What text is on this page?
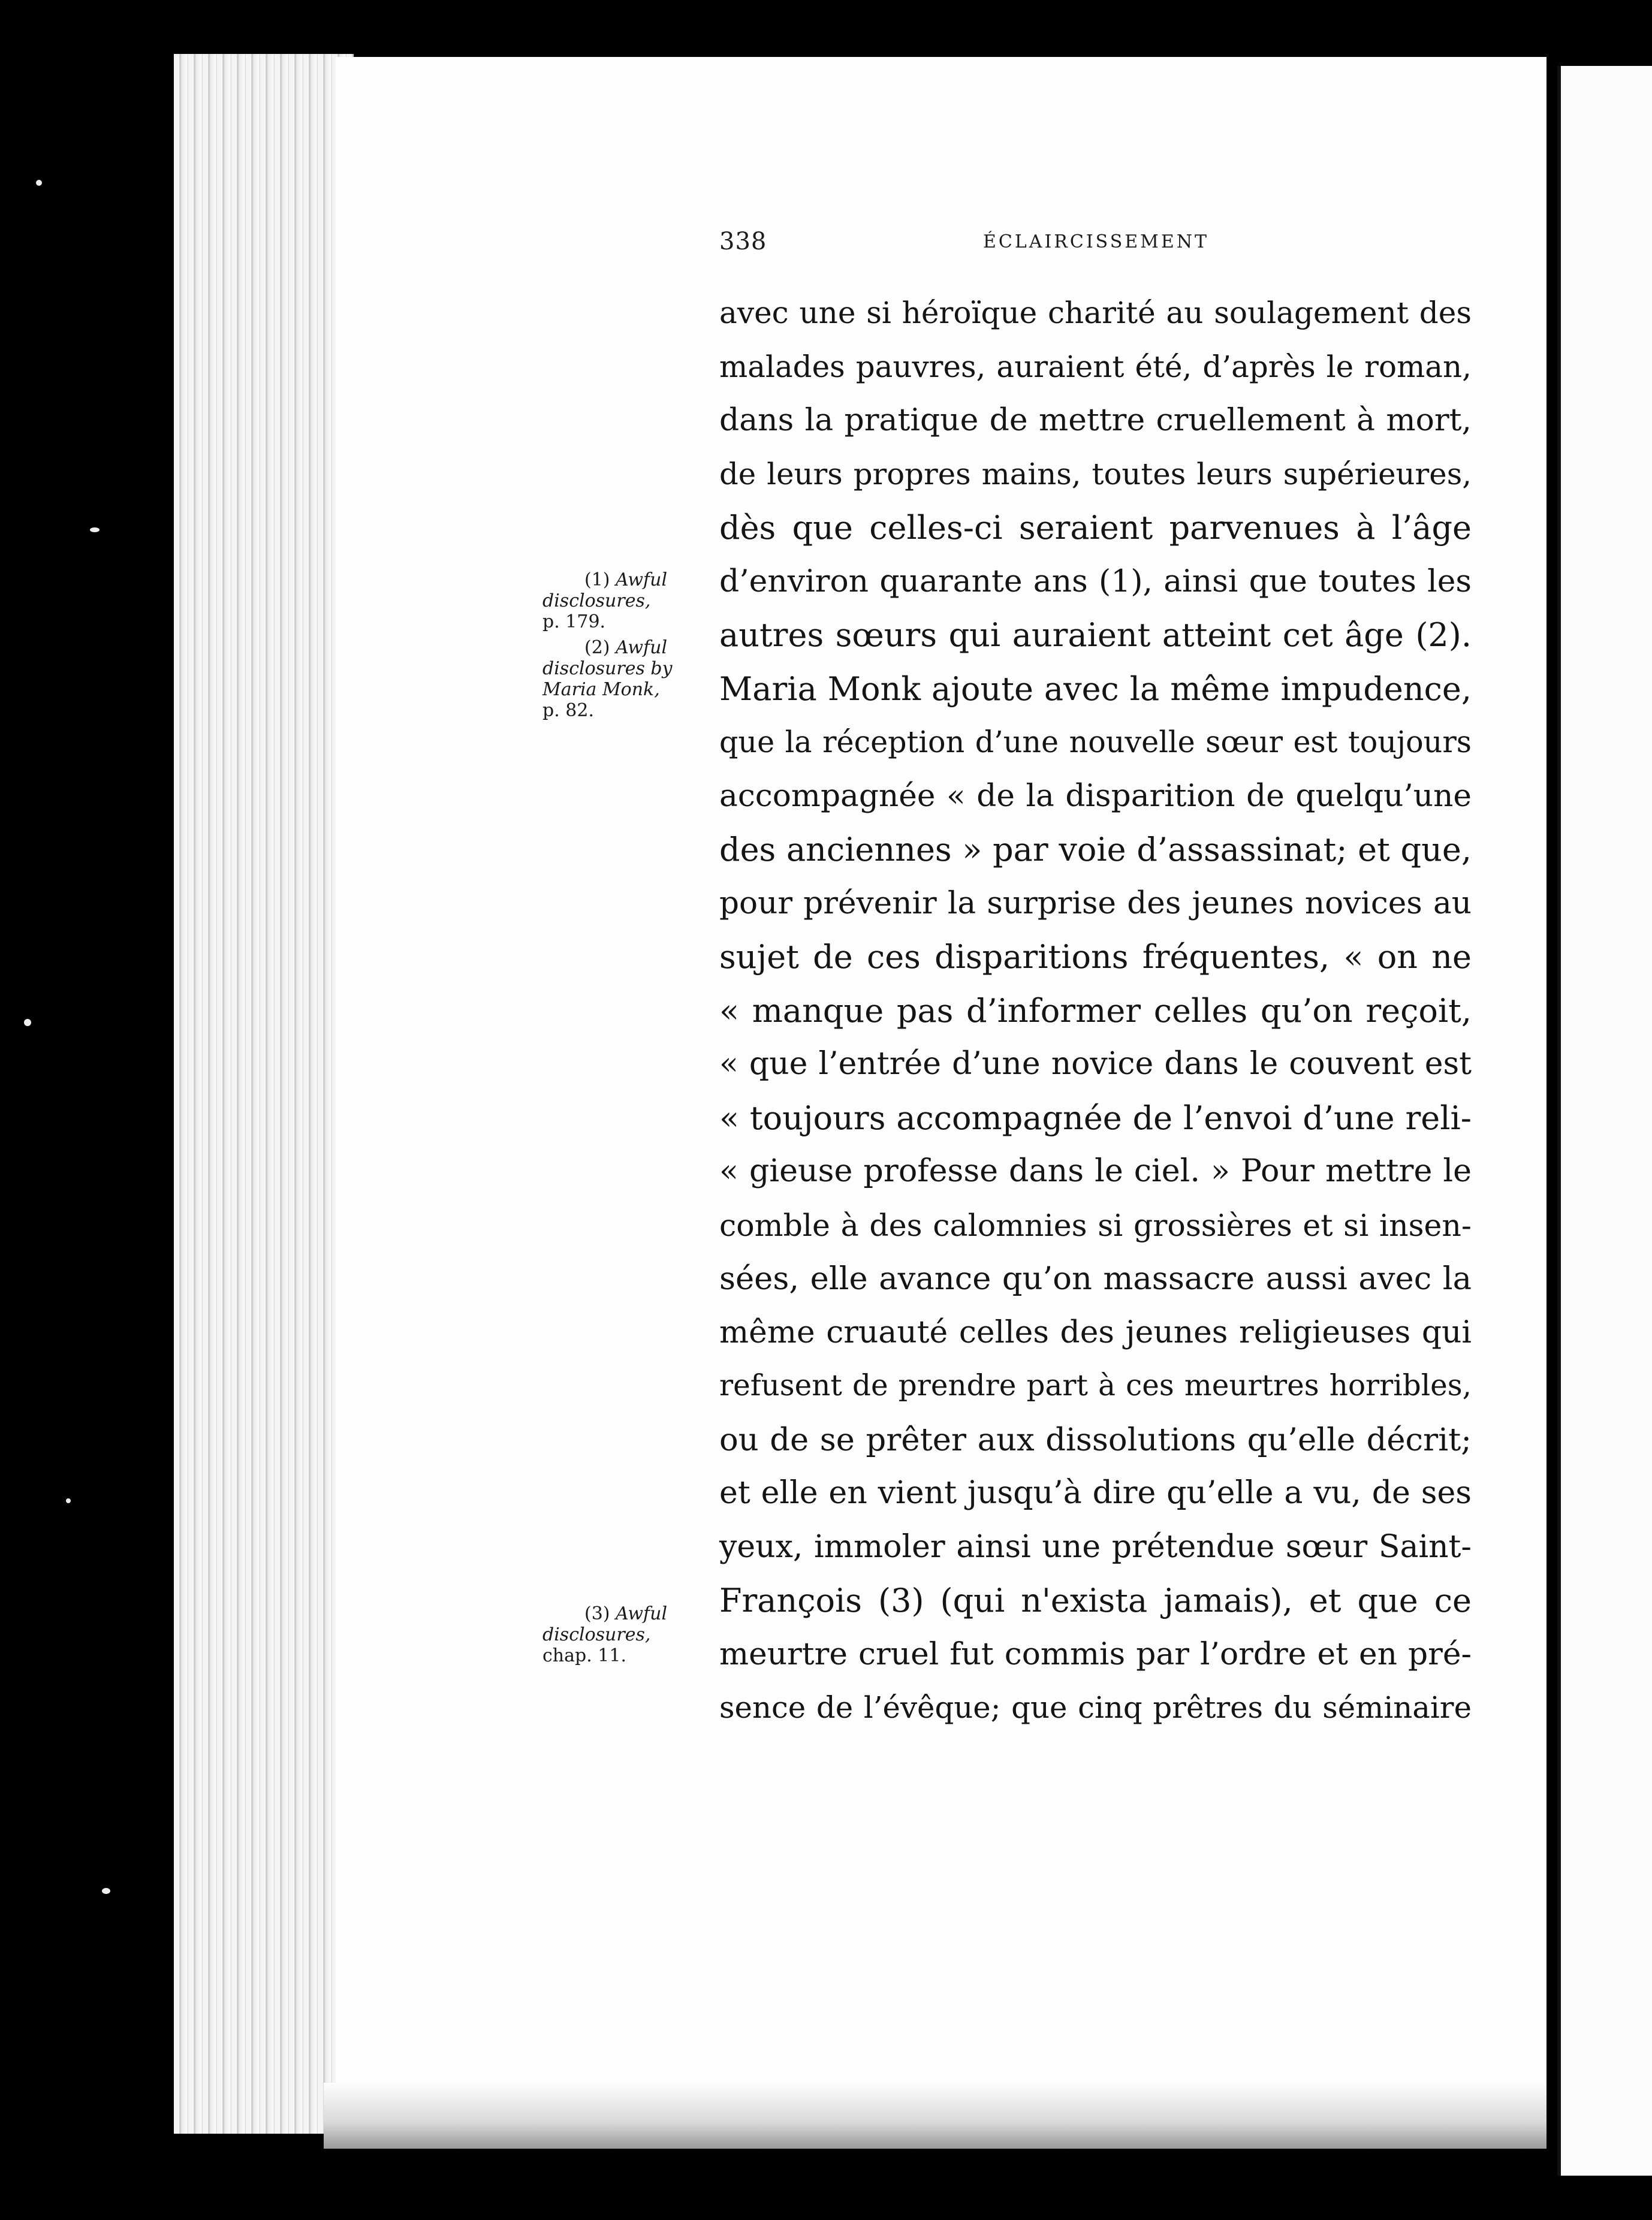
338	ÉCLAIRCISSEMENT
(1) Awful
disclosures,
p. 179.
(2) Awful
disclosures by
Maria Monk,
p. 82.
(3) Awful
disclosures,
chap. 11.
avec une si héroïque charité au soulagement des
malades pauvres, auraient été, d’après le roman,
dans la pratique de mettre cruellement à mort,
de leurs propres mains, toutes leurs supérieures,
dès que celles-ci seraient parvenues à l’âge
d’environ quarante ans (1), ainsi que toutes les
autres sœurs qui auraient atteint cet âge (2).
Maria Monk ajoute avec la même impudence,
que la réception d’une nouvelle sœur est toujours
accompagnée « de la disparition de quelqu’une
des anciennes » par voie d’assassinat; et que,
pour prévenir la surprise des jeunes novices au
sujet de ces disparitions fréquentes, « on ne
« manque pas d’informer celles qu’on reçoit,
« que l’entrée d’une novice dans le couvent est
« toujours accompagnée de l’envoi d’une reli-
« gieuse professe dans le ciel. » Pour mettre le
comble à des calomnies si grossières et si insen-
sées, elle avance qu’on massacre aussi avec la
même cruauté celles des jeunes religieuses qui
refusent de prendre part à ces meurtres horribles,
ou de se prêter aux dissolutions qu’elle décrit;
et elle en vient jusqu’à dire qu’elle a vu, de ses
yeux, immoler ainsi une prétendue sœur Saint-
François (3) (qui n'exista jamais), et que ce
meurtre cruel fut commis par l’ordre et en pré-
sence de l’évêque; que cinq prêtres du séminaire
